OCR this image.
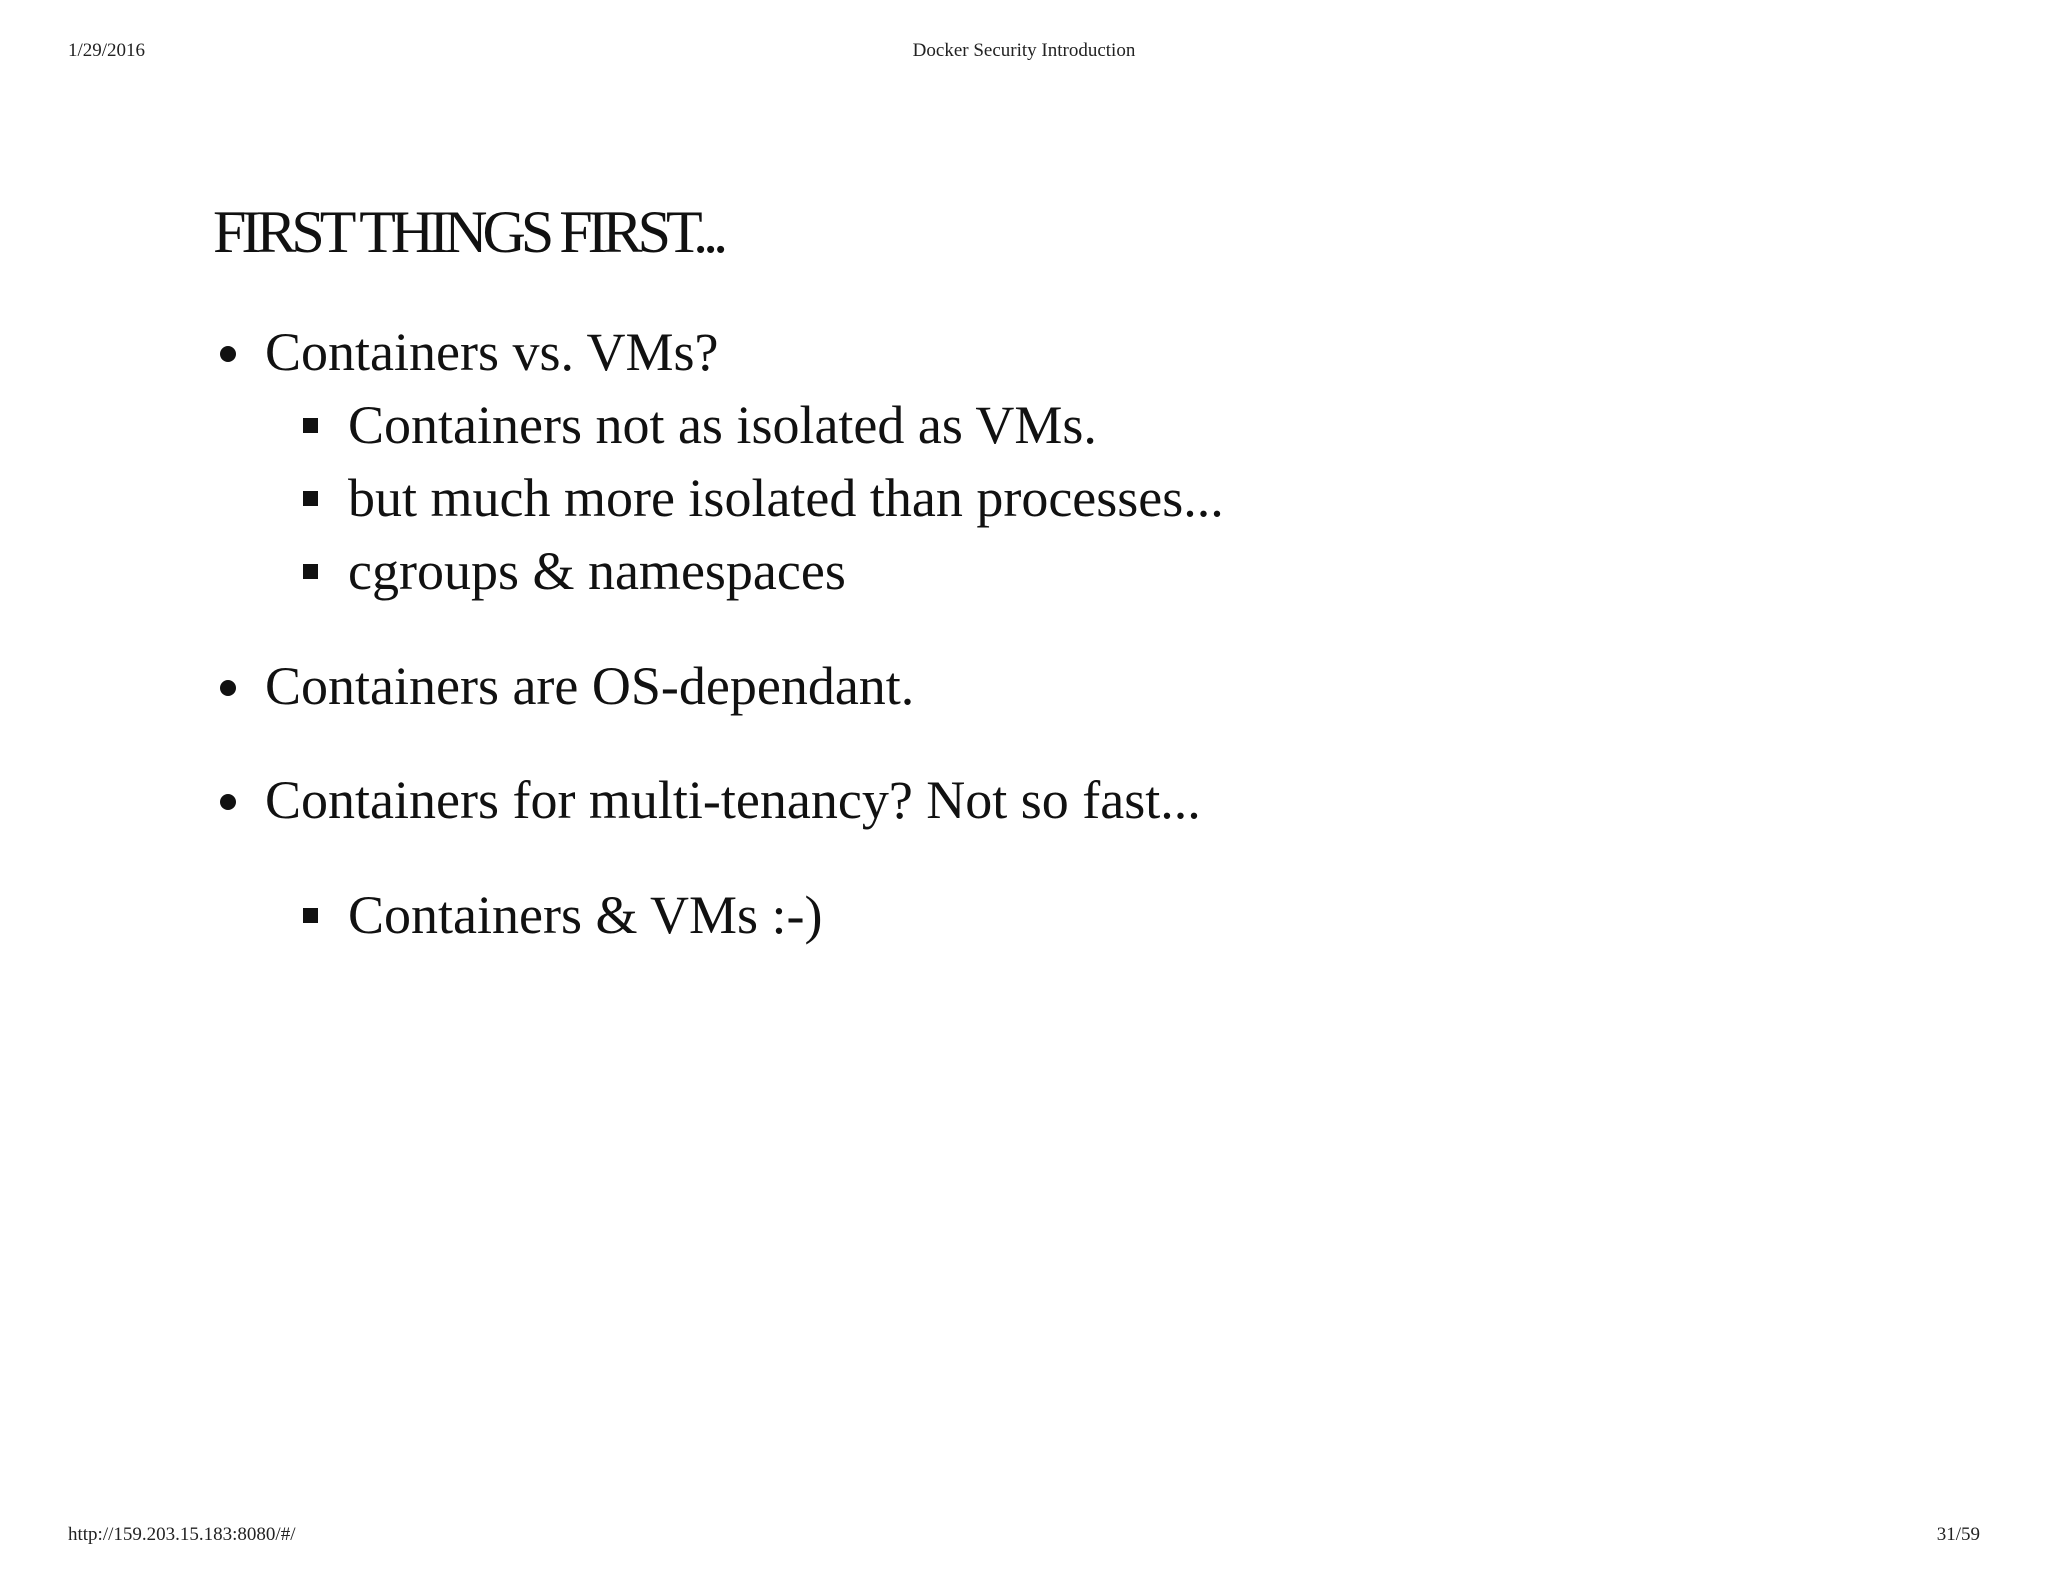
1/29/2016	Docker Security Introduction
FIRST THINGS FIRST...
Containers vs. VMs?
Containers not as isolated as VMs.
but much more isolated than processes...
cgroups & namespaces
Containers are OS-dependant.
Containers for multi-tenancy? Not so fast...
Containers & VMs :-)
http://159.203.15.183:8080/#/	31/59
